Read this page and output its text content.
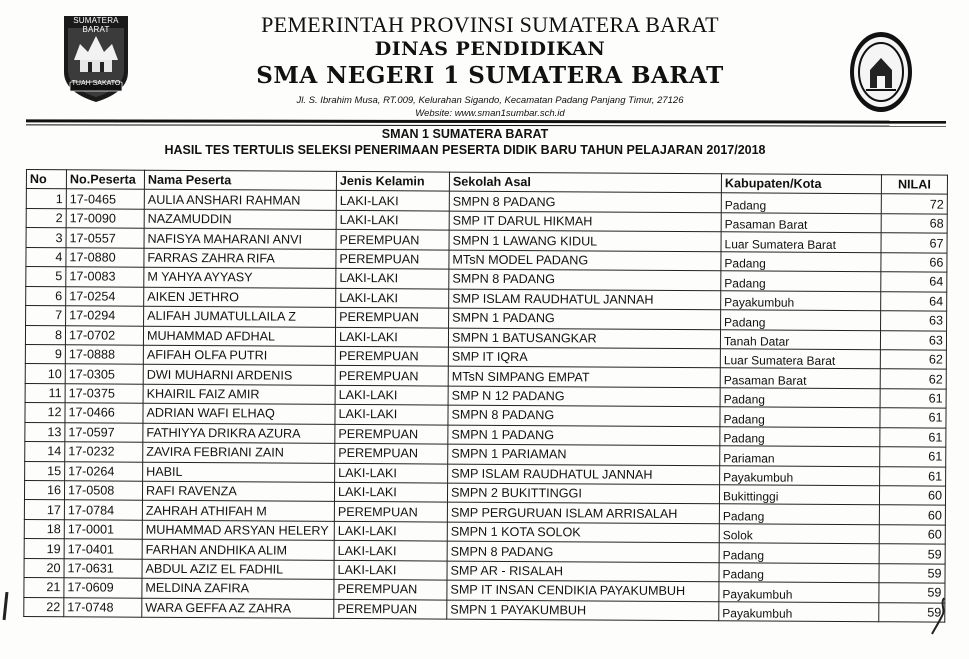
SUMATERA BARAT
TUAH SAKATO
PEMERINTAH PROVINSI SUMATERA BARAT
DINAS PENDIDIKAN
SMA NEGERI 1 SUMATERA BARAT
Jl. S. Ibrahim Musa, RT.009, Kelurahan Sigando, Kecamatan Padang Panjang Timur, 27126
Website: www.sman1sumbar.sch.id
SMAN 1 SUMATERA BARAT
HASIL TES TERTULIS SELEKSI PENERIMAAN PESERTA DIDIK BARU TAHUN PELAJARAN 2017/2018
No	No.Peserta	Nama Peserta	Jenis Kelamin	Sekolah Asal	Kabupaten/Kota	NILAI
1	17-0465	AULIA ANSHARI RAHMAN	LAKI-LAKI	SMPN 8 PADANG	Padang	72
2	17-0090	NAZAMUDDIN	LAKI-LAKI	SMP IT DARUL HIKMAH	Pasaman Barat	68
3	17-0557	NAFISYA MAHARANI ANVI	PEREMPUAN	SMPN 1 LAWANG KIDUL	Luar Sumatera Barat	67
4	17-0880	FARRAS ZAHRA RIFA	PEREMPUAN	MTsN MODEL PADANG	Padang	66
5	17-0083	M YAHYA AYYASY	LAKI-LAKI	SMPN 8 PADANG	Padang	64
6	17-0254	AIKEN JETHRO	LAKI-LAKI	SMP ISLAM RAUDHATUL JANNAH	Payakumbuh	64
7	17-0294	ALIFAH JUMATULLAILA Z	PEREMPUAN	SMPN 1 PADANG	Padang	63
8	17-0702	MUHAMMAD AFDHAL	LAKI-LAKI	SMPN 1 BATUSANGKAR	Tanah Datar	63
9	17-0888	AFIFAH OLFA PUTRI	PEREMPUAN	SMP IT IQRA	Luar Sumatera Barat	62
10	17-0305	DWI MUHARNI ARDENIS	PEREMPUAN	MTsN SIMPANG EMPAT	Pasaman Barat	62
11	17-0375	KHAIRIL FAIZ AMIR	LAKI-LAKI	SMP N 12 PADANG	Padang	61
12	17-0466	ADRIAN WAFI ELHAQ	LAKI-LAKI	SMPN 8 PADANG	Padang	61
13	17-0597	FATHIYYA DRIKRA AZURA	PEREMPUAN	SMPN 1 PADANG	Padang	61
14	17-0232	ZAVIRA FEBRIANI ZAIN	PEREMPUAN	SMPN 1 PARIAMAN	Pariaman	61
15	17-0264	HABIL	LAKI-LAKI	SMP ISLAM RAUDHATUL JANNAH	Payakumbuh	61
16	17-0508	RAFI RAVENZA	LAKI-LAKI	SMPN 2 BUKITTINGGI	Bukittinggi	60
17	17-0784	ZAHRAH ATHIFAH M	PEREMPUAN	SMP PERGURUAN ISLAM ARRISALAH	Padang	60
18	17-0001	MUHAMMAD ARSYAN HELERY	LAKI-LAKI	SMPN 1 KOTA SOLOK	Solok	60
19	17-0401	FARHAN ANDHIKA ALIM	LAKI-LAKI	SMPN 8 PADANG	Padang	59
20	17-0631	ABDUL AZIZ EL FADHIL	LAKI-LAKI	SMP AR - RISALAH	Padang	59
21	17-0609	MELDINA ZAFIRA	PEREMPUAN	SMP IT INSAN CENDIKIA PAYAKUMBUH	Payakumbuh	59
22	17-0748	WARA GEFFA AZ ZAHRA	PEREMPUAN	SMPN 1 PAYAKUMBUH	Payakumbuh	59
